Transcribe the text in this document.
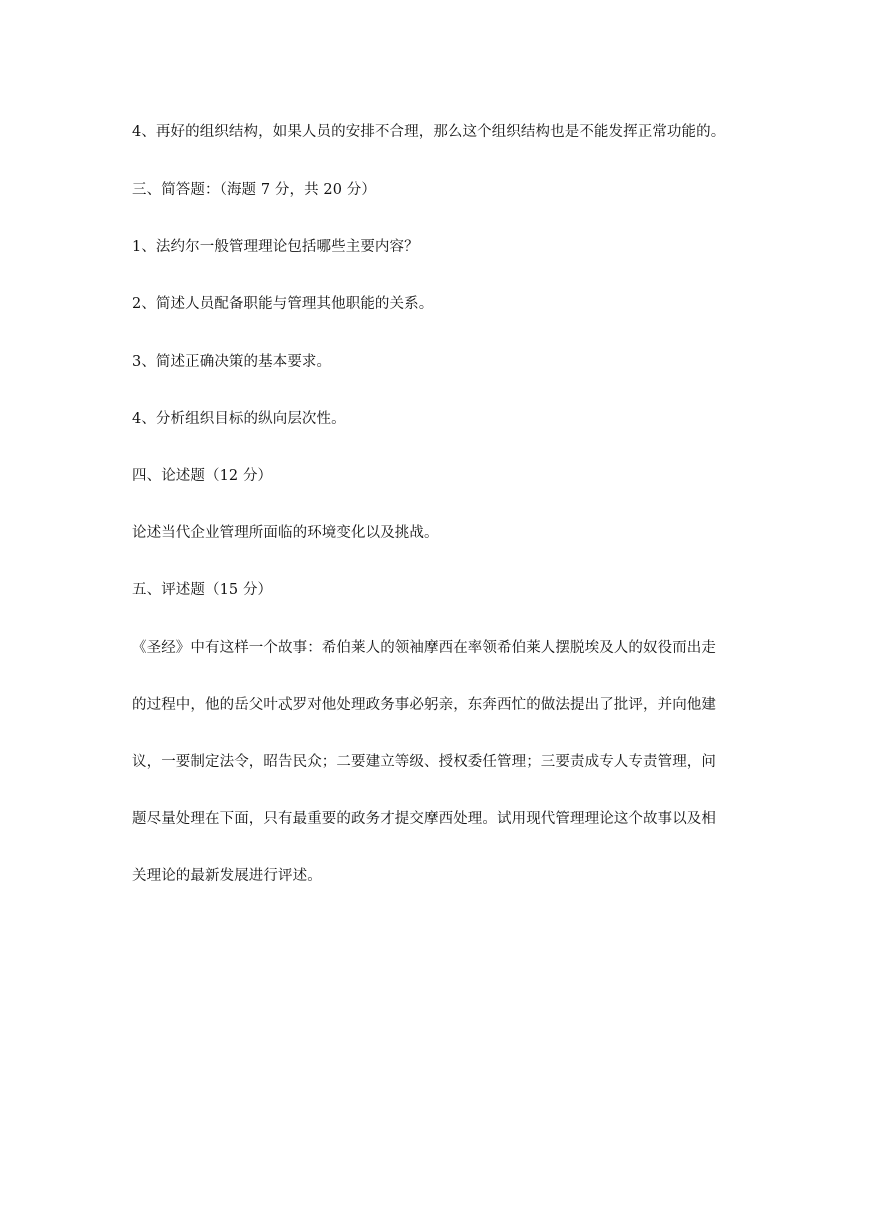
4、再好的组织结构，如果人员的安排不合理，那么这个组织结构也是不能发挥正常功能的。
三、简答题：（海题 7 分，共 20 分）
1、法约尔一般管理理论包括哪些主要内容？
2、简述人员配备职能与管理其他职能的关系。
3、简述正确决策的基本要求。
4、分析组织目标的纵向层次性。
四、论述题（12 分）
论述当代企业管理所面临的环境变化以及挑战。
五、评述题（15 分）
《圣经》中有这样一个故事：希伯莱人的领袖摩西在率领希伯莱人摆脱埃及人的奴役而出走
的过程中，他的岳父叶忒罗对他处理政务事必躬亲，东奔西忙的做法提出了批评，并向他建
议，一要制定法令，昭告民众；二要建立等级、授权委任管理；三要责成专人专责管理，问
题尽量处理在下面，只有最重要的政务才提交摩西处理。试用现代管理理论这个故事以及相
关理论的最新发展进行评述。
